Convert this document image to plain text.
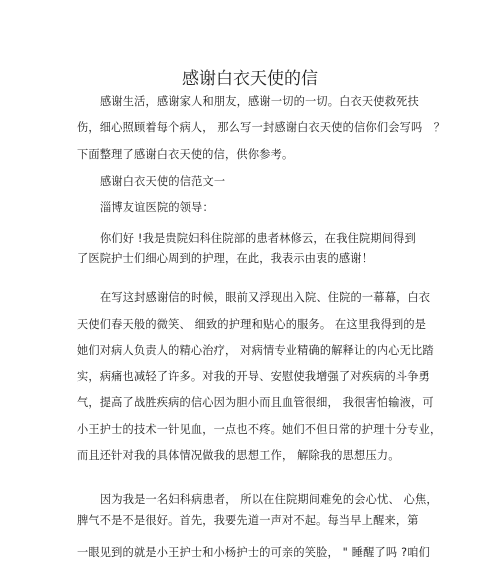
感谢白衣天使的信
感谢生活，感谢家人和朋友，感谢一切的一切。白衣天使救死扶
伤，细心照顾着每个病人， 那么写一封感谢白衣天使的信你们会写吗　？
下面整理了感谢白衣天使的信，供你参考。
感谢白衣天使的信范文一
淄博友谊医院的领导：
你们好 !我是贵院妇科住院部的患者林修云，在我住院期间得到
了医院护士们细心周到的护理，在此，我表示由衷的感谢！
在写这封感谢信的时候，眼前又浮现出入院、住院的一幕幕，白衣
天使们春天般的微笑、 细致的护理和贴心的服务。 在这里我得到的是
她们对病人负责人的精心治疗， 对病情专业精确的解释让的内心无比踏
实，病痛也减轻了许多。对我的开导、安慰使我增强了对疾病的斗争勇
气，提高了战胜疾病的信心因为胆小而且血管很细， 我很害怕输液，可
小王护士的技术一针见血，一点也不疼。她们不但日常的护理十分专业，
而且还针对我的具体情况做我的思想工作， 解除我的思想压力。
因为我是一名妇科病患者， 所以在住院期间难免的会心忧、 心焦，
脾气不是不是很好。首先，我要先道一声对不起。每当早上醒来，第
一眼见到的就是小王护士和小杨护士的可亲的笑脸， " 睡醒了吗 ?咱们
